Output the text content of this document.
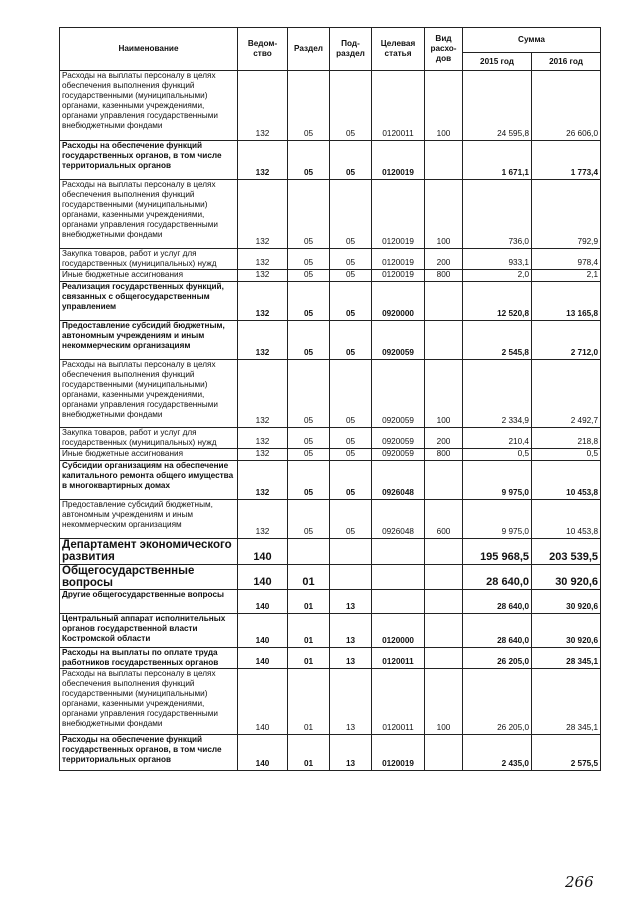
Наименование	Ведом-ство	Раздел	Под-раздел	Целевая статья	Вид расхо-дов	Сумма	
						2015 год	2016 год
Расходы на выплаты персоналу в целях обеспечения выполнения функций государственными (муниципальными) органами, казенными учреждениями, органами управления государственными внебюджетными фондами	132	05	05	0120011	100	24 595,8	26 606,0
Расходы на обеспечение функций государственных органов, в том числе территориальных органов	132	05	05	0120019		1 671,1	1 773,4
Расходы на выплаты персоналу в целях обеспечения выполнения функций государственными (муниципальными) органами, казенными учреждениями, органами управления государственными внебюджетными фондами	132	05	05	0120019	100	736,0	792,9
Закупка товаров, работ и услуг для государственных (муниципальных) нужд	132	05	05	0120019	200	933,1	978,4
Иные бюджетные ассигнования	132	05	05	0120019	800	2,0	2,1
Реализация государственных функций, связанных с общегосударственным управлением	132	05	05	0920000		12 520,8	13 165,8
Предоставление субсидий бюджетным, автономным учреждениям и иным некоммерческим организациям	132	05	05	0920059		2 545,8	2 712,0
Расходы на выплаты персоналу в целях обеспечения выполнения функций государственными (муниципальными) органами, казенными учреждениями, органами управления государственными внебюджетными фондами	132	05	05	0920059	100	2 334,9	2 492,7
Закупка товаров, работ и услуг для государственных (муниципальных) нужд	132	05	05	0920059	200	210,4	218,8
Иные бюджетные ассигнования	132	05	05	0920059	800	0,5	0,5
Субсидии организациям на обеспечение капитального ремонта общего имущества в многоквартирных домах	132	05	05	0926048		9 975,0	10 453,8
Предоставление субсидий бюджетным, автономным учреждениям и иным некоммерческим организациям	132	05	05	0926048	600	9 975,0	10 453,8
Департамент экономического развития	140					195 968,5	203 539,5
Общегосударственные вопросы	140	01				28 640,0	30 920,6
Другие общегосударственные вопросы	140	01	13			28 640,0	30 920,6
Центральный аппарат исполнительных органов государственной власти Костромской области	140	01	13	0120000		28 640,0	30 920,6
Расходы на выплаты по оплате труда работников государственных органов	140	01	13	0120011		26 205,0	28 345,1
Расходы на выплаты персоналу в целях обеспечения выполнения функций государственными (муниципальными) органами, казенными учреждениями, органами управления государственными внебюджетными фондами	140	01	13	0120011	100	26 205,0	28 345,1
Расходы на обеспечение функций государственных органов, в том числе территориальных органов	140	01	13	0120019		2 435,0	2 575,5
266
